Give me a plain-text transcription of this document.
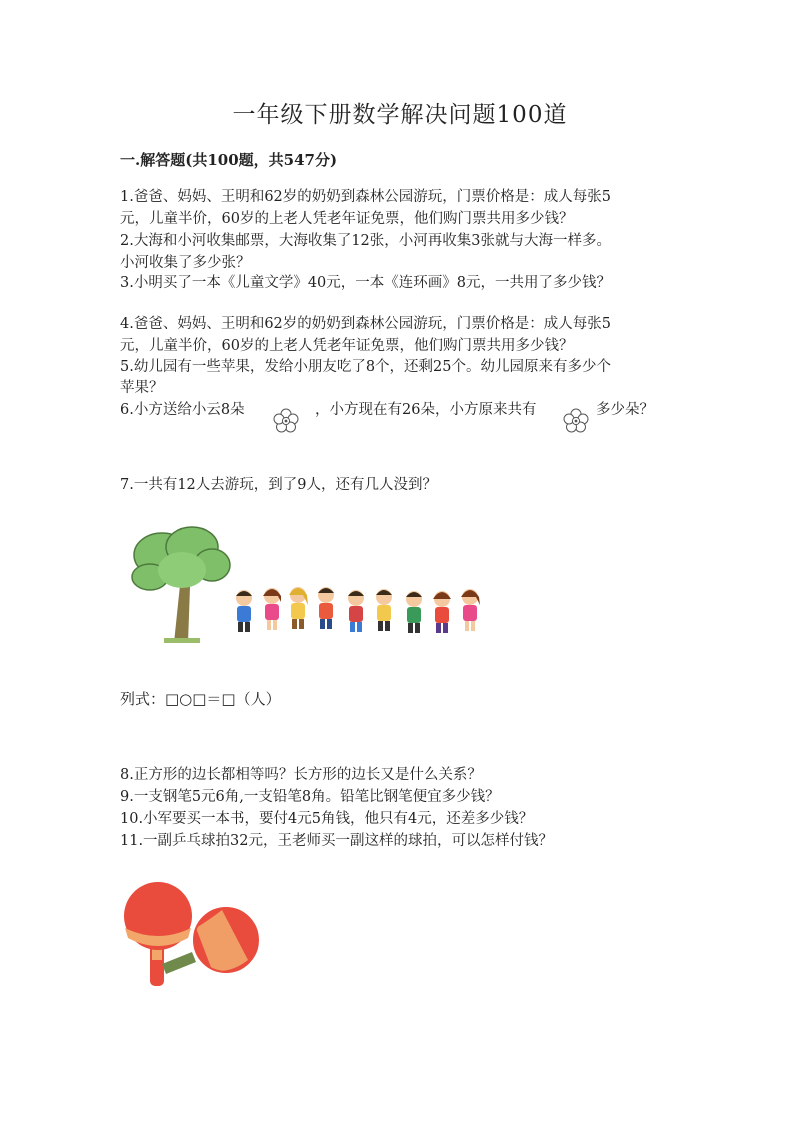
一年级下册数学解决问题100道
一.解答题(共100题，共547分)
1.爸爸、妈妈、王明和62岁的奶奶到森林公园游玩，门票价格是：成人每张5
元，儿童半价，60岁的上老人凭老年证免票，他们购门票共用多少钱？
2.大海和小河收集邮票，大海收集了12张，小河再收集3张就与大海一样多。
小河收集了多少张？
3.小明买了一本《儿童文学》40元，一本《连环画》8元，一共用了多少钱？
4.爸爸、妈妈、王明和62岁的奶奶到森林公园游玩，门票价格是：成人每张5
元，儿童半价，60岁的上老人凭老年证免票，他们购门票共用多少钱？
5.幼儿园有一些苹果，发给小朋友吃了8个，还剩25个。幼儿园原来有多少个
苹果？
6.小方送给小云8朵	，小方现在有26朵，小方原来共有	多少朵？
7.一共有12人去游玩，到了9人，还有几人没到？
列式：□○□＝□（人）
8.正方形的边长都相等吗？长方形的边长又是什么关系？
9.一支钢笔5元6角,一支铅笔8角。铅笔比钢笔便宜多少钱？
10.小军要买一本书，要付4元5角钱，他只有4元，还差多少钱？
11.一副乒乓球拍32元，王老师买一副这样的球拍，可以怎样付钱？
